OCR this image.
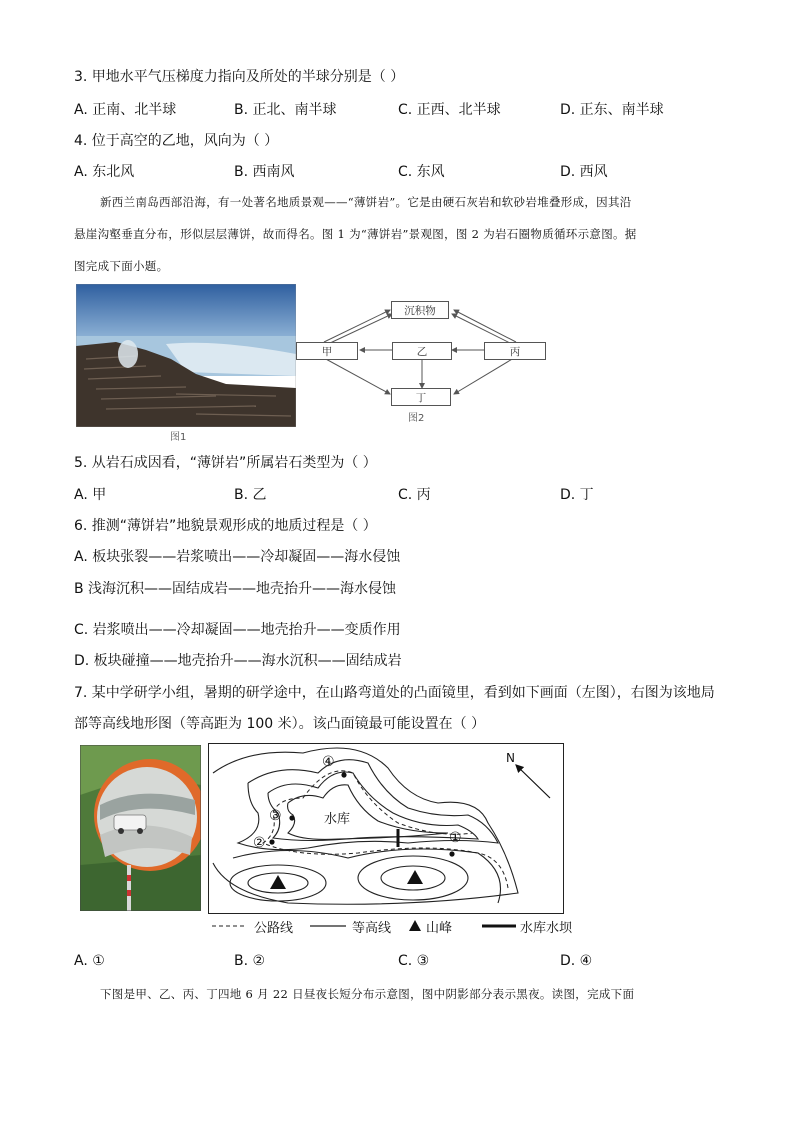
3. 甲地水平气压梯度力指向及所处的半球分别是（ ）
A. 正南、北半球	B. 正北、南半球	C. 正西、北半球	D. 正东、南半球
4. 位于高空的乙地，风向为（ ）
A. 东北风	B. 西南风	C. 东风	D. 西风
新西兰南岛西部沿海，有一处著名地质景观——“薄饼岩”。它是由硬石灰岩和软砂岩堆叠形成，因其沿
悬崖沟壑垂直分布，形似层层薄饼，故而得名。图 1 为“薄饼岩”景观图，图 2 为岩石圈物质循环示意图。据
图完成下面小题。
图1
沉积物
甲	乙	丙
丁
图2
5. 从岩石成因看，“薄饼岩”所属岩石类型为（ ）
A. 甲	B. 乙	C. 丙	D. 丁
6. 推测“薄饼岩”地貌景观形成的地质过程是（ ）
A. 板块张裂——岩浆喷出——冷却凝固——海水侵蚀
B 浅海沉积——固结成岩——地壳抬升——海水侵蚀
C. 岩浆喷出——冷却凝固——地壳抬升——变质作用
D. 板块碰撞——地壳抬升——海水沉积——固结成岩
7. 某中学研学小组，暑期的研学途中，在山路弯道处的凸面镜里，看到如下画面（左图），右图为该地局
部等高线地形图（等高距为 100 米）。该凸面镜最可能设置在（ ）
N
水库
①
②
③
④
公路线	等高线	山峰	水库水坝
A. ①	B. ②	C. ③	D. ④
下图是甲、乙、丙、丁四地 6 月 22 日昼夜长短分布示意图，图中阴影部分表示黑夜。读图，完成下面
